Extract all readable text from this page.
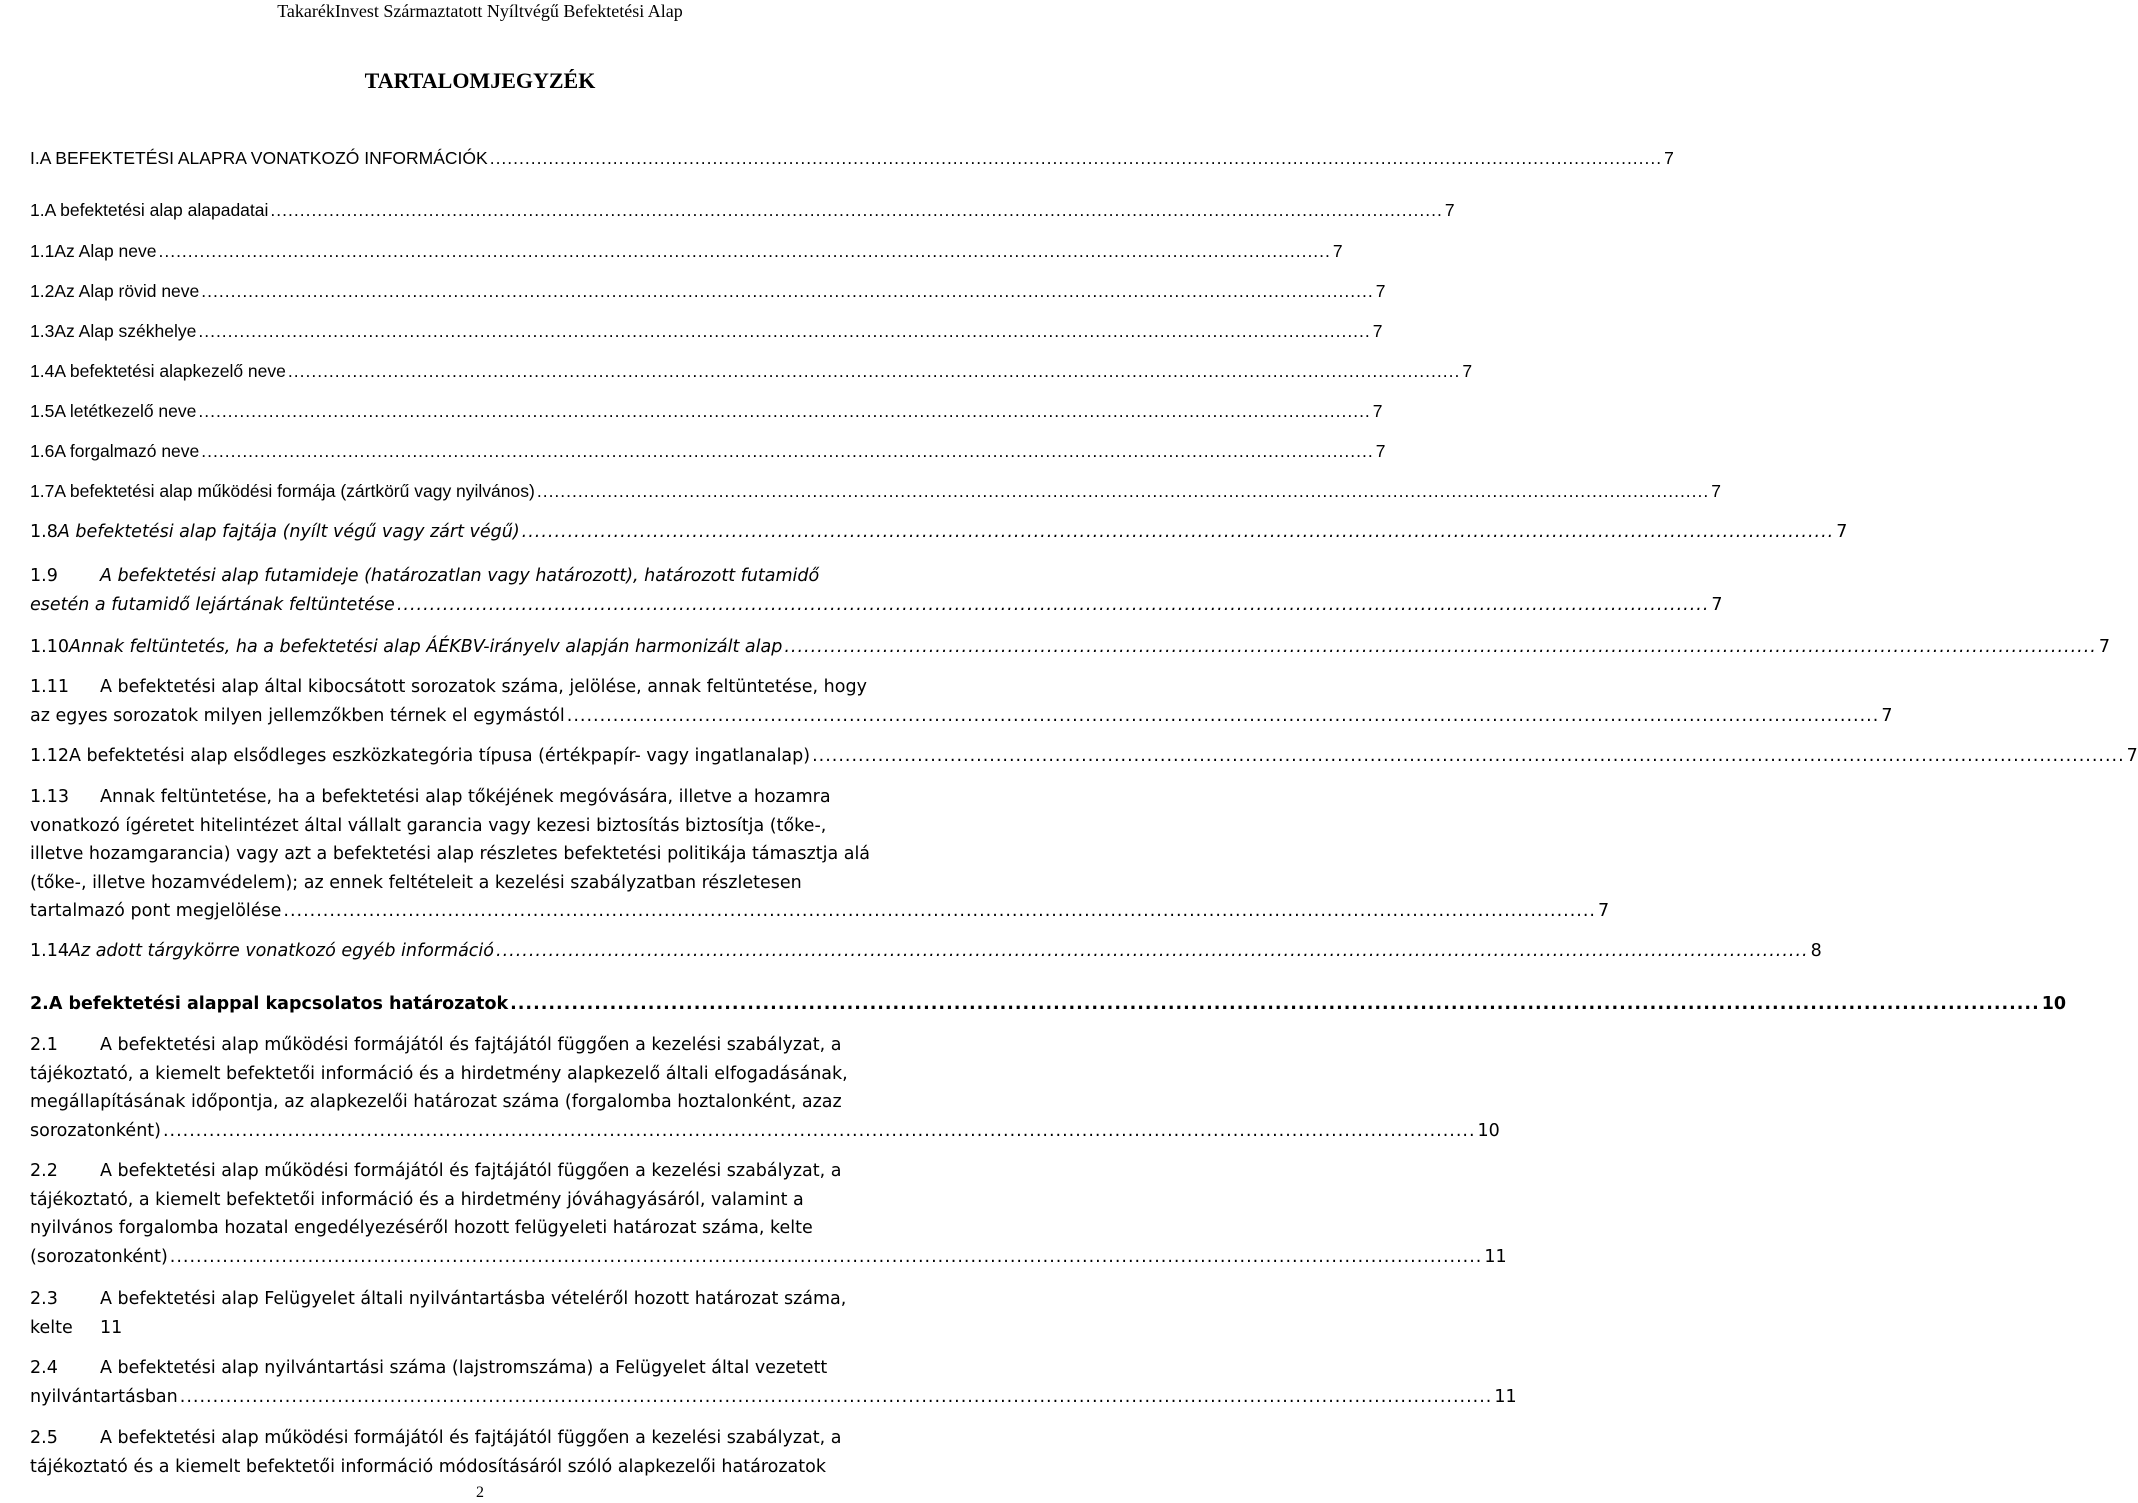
TakarékInvest Származtatott Nyíltvégű Befektetési Alap
TARTALOMJEGYZÉK
I. A BEFEKTETÉSI ALAPRA VONATKOZÓ INFORMÁCIÓK .....	7
1. A befektetési alap alapadatai .....	7
1.1 Az Alap neve .....	7
1.2 Az Alap rövid neve .....	7
1.3 Az Alap székhelye .....	7
1.4 A befektetési alapkezelő neve .....	7
1.5 A letétkezelő neve .....	7
1.6 A forgalmazó neve .....	7
1.7 A befektetési alap működési formája (zártkörű vagy nyilvános) .....	7
1.8 A befektetési alap fajtája (nyílt végű vagy zárt végű) .....	7
1.9 A befektetési alap futamideje (határozatlan vagy határozott), határozott futamidő
esetén a futamidő lejártának feltüntetése .....	7
1.10 Annak feltüntetés, ha a befektetési alap ÁÉKBV-irányelv alapján harmonizált alap .....	7
1.11 A befektetési alap által kibocsátott sorozatok száma, jelölése, annak feltüntetése, hogy
az egyes sorozatok milyen jellemzőkben térnek el egymástól .....	7
1.12 A befektetési alap elsődleges eszközkategória típusa (értékpapír- vagy ingatlanalap) .....	7
1.13 Annak feltüntetése, ha a befektetési alap tőkéjének megóvására, illetve a hozamra
vonatkozó ígéretet hitelintézet által vállalt garancia vagy kezesi biztosítás biztosítja (tőke-,
illetve hozamgarancia) vagy azt a befektetési alap részletes befektetési politikája támasztja alá
(tőke-, illetve hozamvédelem); az ennek feltételeit a kezelési szabályzatban részletesen
tartalmazó pont megjelölése .....	7
1.14 Az adott tárgykörre vonatkozó egyéb információ .....	8
2. A befektetési alappal kapcsolatos határozatok .....	10
2.1 A befektetési alap működési formájától és fajtájától függően a kezelési szabályzat, a
tájékoztató, a kiemelt befektetői információ és a hirdetmény alapkezelő általi elfogadásának,
megállapításának időpontja, az alapkezelői határozat száma (forgalomba hoztalonként, azaz
sorozatonként) .....	10
2.2 A befektetési alap működési formájától és fajtájától függően a kezelési szabályzat, a
tájékoztató, a kiemelt befektetői információ és a hirdetmény jóváhagyásáról, valamint a
nyilvános forgalomba hozatal engedélyezéséről hozott felügyeleti határozat száma, kelte
(sorozatonként) .....	11
2.3 A befektetési alap Felügyelet általi nyilvántartásba vételéről hozott határozat száma,
kelte 11
2.4 A befektetési alap nyilvántartási száma (lajstromszáma) a Felügyelet által vezetett
nyilvántartásban .....	11
2.5 A befektetési alap működési formájától és fajtájától függően a kezelési szabályzat, a
tájékoztató és a kiemelt befektetői információ módosításáról szóló alapkezelői határozatok
2
